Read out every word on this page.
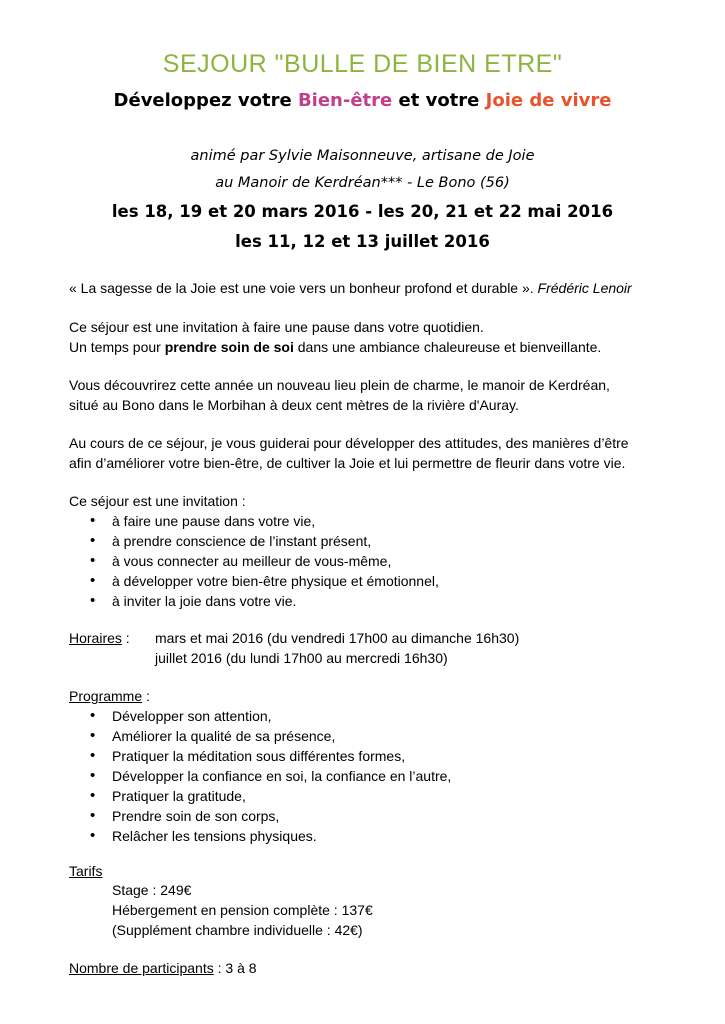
SEJOUR "BULLE DE BIEN ETRE"
Développez votre Bien-être et votre Joie de vivre
animé par Sylvie Maisonneuve, artisane de Joie
au Manoir de Kerdréan*** - Le Bono (56)
les 18, 19 et 20 mars 2016 - les 20, 21 et 22 mai 2016
les 11, 12 et 13 juillet 2016
« La sagesse de la Joie est une voie vers un bonheur profond et durable ». Frédéric Lenoir
Ce séjour est une invitation à faire une pause dans votre quotidien.
Un temps pour prendre soin de soi dans une ambiance chaleureuse et bienveillante.
Vous découvrirez cette année un nouveau lieu plein de charme, le manoir de Kerdréan,
situé au Bono dans le Morbihan à deux cent mètres de la rivière d'Auray.
Au cours de ce séjour, je vous guiderai pour développer des attitudes, des manières d’être
afin d’améliorer votre bien-être, de cultiver la Joie et lui permettre de fleurir dans votre vie.
Ce séjour est une invitation :
• à faire une pause dans votre vie,
• à prendre conscience de l’instant présent,
• à vous connecter au meilleur de vous-même,
• à développer votre bien-être physique et émotionnel,
• à inviter la joie dans votre vie.
Horaires : mars et mai 2016 (du vendredi 17h00 au dimanche 16h30)
juillet 2016 (du lundi 17h00 au mercredi 16h30)
Programme :
• Développer son attention,
• Améliorer la qualité de sa présence,
• Pratiquer la méditation sous différentes formes,
• Développer la confiance en soi, la confiance en l’autre,
• Pratiquer la gratitude,
• Prendre soin de son corps,
• Relâcher les tensions physiques.
Tarifs
Stage : 249€
Hébergement en pension complète : 137€
(Supplément chambre individuelle : 42€)
Nombre de participants : 3 à 8
